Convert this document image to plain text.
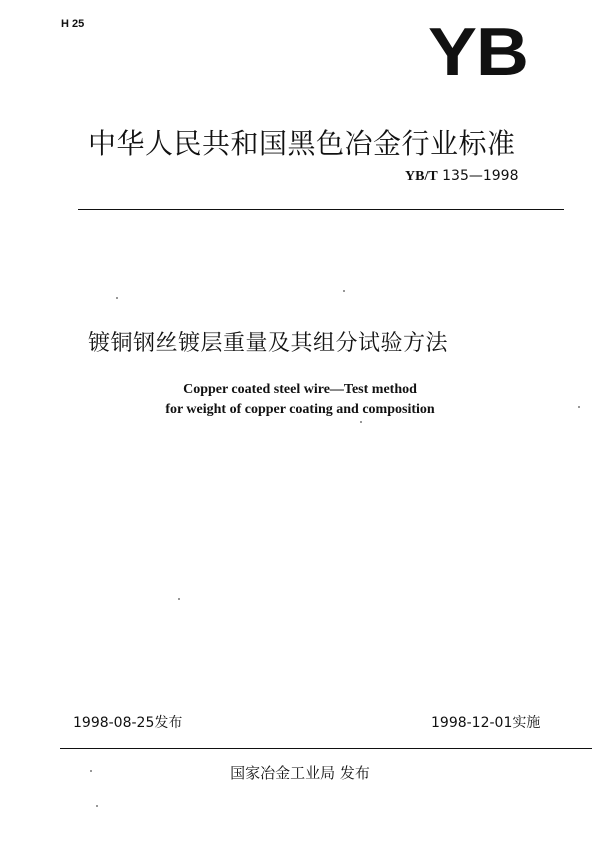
H 25	YB
中华人民共和国黑色冶金行业标准
YB/T 135—1998
镀铜钢丝镀层重量及其组分试验方法
Copper coated steel wire—Test method
for weight of copper coating and composition
1998-08-25发布	1998-12-01实施
国家冶金工业局 发布
